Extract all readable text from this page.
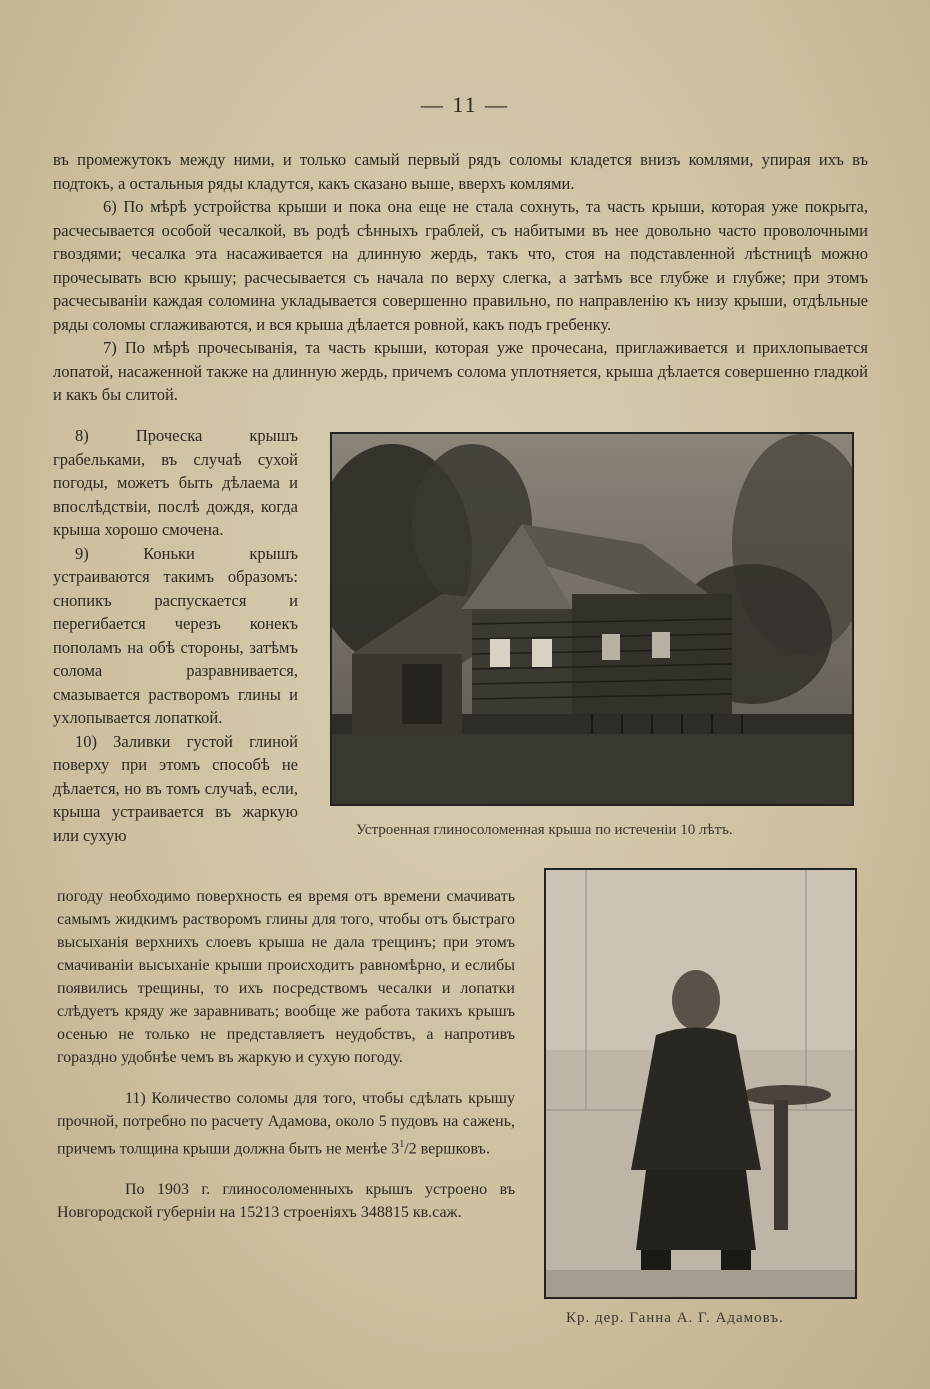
— 11 —

въ промежутокъ между ними, и только самый первый рядъ соломы кладется внизъ комлями, упирая ихъ въ подтокъ, а остальныя ряды кладутся, какъ сказано выше, вверхъ комлями.

6) По мѣрѣ устройства крыши и пока она еще не стала сохнуть, та часть крыши, которая уже покрыта, расчесывается особой чесалкой, въ родѣ сѣнныхъ граблей, съ набитыми въ нее довольно часто проволочными гвоздями; чесалка эта насаживается на длинную жердь, такъ что, стоя на подставленной лѣстницѣ можно прочесывать всю крышу; расчесывается съ начала по верху слегка, а затѣмъ все глубже и глубже; при этомъ расчесываніи каждая соломина укладывается совершенно правильно, по направленію къ низу крыши, отдѣльные ряды соломы сглаживаются, и вся крыша дѣлается ровной, какъ подъ гребенку.

7) По мѣрѣ прочесыванія, та часть крыши, которая уже прочесана, приглаживается и прихлопывается лопатой, насаженной также на длинную жердь, причемъ солома уплотняется, крыша дѣлается совершенно гладкой и какъ бы слитой.

8) Проческа крышъ грабельками, въ случаѣ сухой погоды, можетъ быть дѣлаема и впослѣдствіи, послѣ дождя, когда крыша хорошо смочена.

9) Коньки крышъ устраиваются такимъ образомъ: снопикъ распускается и перегибается черезъ конекъ пополамъ на обѣ стороны, затѣмъ солома разравнивается, смазывается растворомъ глины и ухлопывается лопаткой.

10) Заливки густой глиной поверху при этомъ способѣ не дѣлается, но въ томъ случаѣ, если, крыша устраивается въ жаркую или сухую	Устроенная глиносоломенная крыша по истеченіи 10 лѣтъ.

погоду необходимо поверхность ея время отъ времени смачивать самымъ жидкимъ растворомъ глины для того, чтобы отъ быстраго высыханія верхнихъ слоевъ крыша не дала трещинъ; при этомъ смачиваніи высыханіе крыши происходитъ равномѣрно, и еслибы появились трещины, то ихъ посредствомъ чесалки и лопатки слѣдуетъ кряду же заравнивать; вообще же работа такихъ крышъ осенью не только не представляетъ неудобствъ, а напротивъ гораздно удобнѣе чемъ въ жаркую и сухую погоду.

11) Количество соломы для того, чтобы сдѣлать крышу прочной, потребно по расчету Адамова, около 5 пудовъ на сажень, причемъ толщина крыши должна быть не менѣе $3^1/2$ вершковъ.

По 1903 г. глиносоломенныхъ крышъ устроено въ Новгородской губерніи на 15213 строеніяхъ 348815 кв.саж.

Кр. дер. Ганна А. Г. Адамовъ.
